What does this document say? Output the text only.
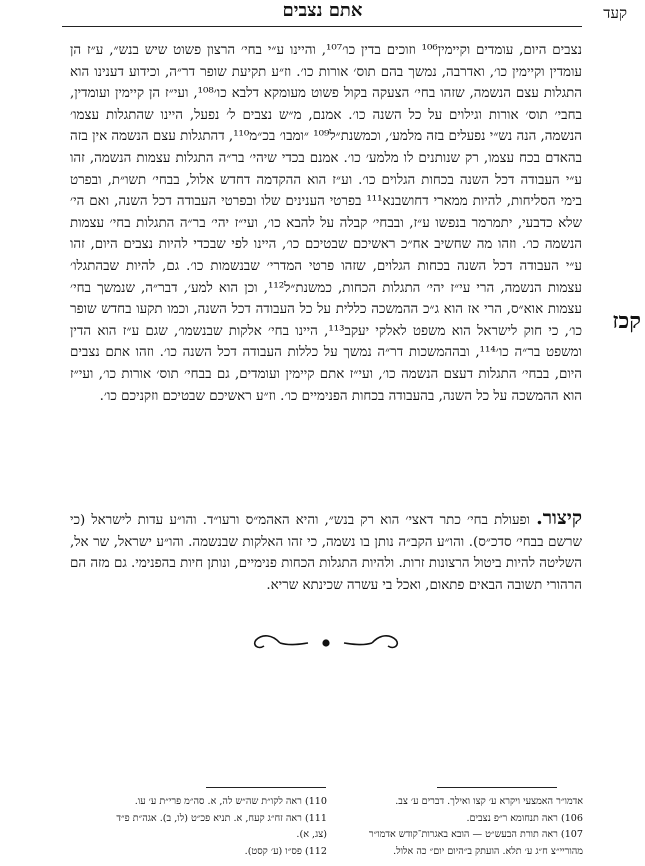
קעד
אתם נצבים
קכז

נצבים היום, עומדים וקיימין¹⁰⁶ וזוכים בדין כו׳¹⁰⁷, והיינו ע״י בחי׳ הרצון פשוט שיש בנש״, ע״ז הן עומדין וקיימין כו׳, ואדרבה, נמשך בהם תוס׳ אורות כו׳. וז״ע תקיעת שופר דר״ה, וכידוע דענינו הוא התגלות עצם הנשמה, שזהו בחי׳ הצעקה בקול פשוט מעומקא דלבא כו׳¹⁰⁸, ועי״ז הן קיימין ועומדין, בחבי׳ תוס׳ אורות וגילוים על כל השנה כו׳. אמנם, מ״ש נצבים ל׳ נפעל, היינו שהתגלות עצמו׳ הנשמה, הנה נש״י נפעלים בזה מלמע׳, וכמשנת״ל¹⁰⁹ ״ומבו׳ בכ״מ¹¹⁰, דהתגלות עצם הנשמה אין בזה בהאדם בכח עצמו, רק שנותנים לו מלמע׳ כו׳. אמנם בכדי שיהי׳ בר״ה התגלות עצמות הנשמה, זהו ע״י העבודה דכל השנה בכחות הגלוים כו׳. וע״ז הוא ההקדמה דחדש אלול, בבחי׳ תשו״ת, ובפרט בימי הסליחות, להיות ממארי דחושבנא¹¹¹ בפרטי הענינים שלו ובפרטי העבודה דכל השנה, ואם הי׳ שלא כדבעי, יתמרמר בנפשו ע״ז, ובבחי׳ קבלה על להבא כו׳, ועי״ז יהי׳ בר״ה התגלות בחי׳ עצמות הנשמה כו׳. וזהו מה שחשיב אח״כ ראשיכם שבטיכם כו׳, היינו לפי שבכדי להיות נצבים היום, זהו ע״י העבודה דכל השנה בכחות הגלוים, שזהו פרטי המדרי׳ שבנשמות כו׳. גם, להיות שבהתגלו׳ עצמות הנשמה, הרי עי״ז יהי׳ התגלות הכחות, כמשנת״ל¹¹², וכן הוא למע׳, דבר״ה, שנמשך בחי׳ עצמות אוא״ס, הרי אז הוא ג״כ ההמשכה כללית על כל העבודה דכל השנה, וכמו תקעו בחדש שופר כו׳, כי חוק לישראל הוא משפט לאלקי יעקב¹¹³, היינו בחי׳ אלקות שבנשמו׳, שגם ע״ז הוא הדין ומשפט בר״ה כו׳¹¹⁴, ובההמשכות דר״ה נמשך על כללות העבודה דכל השנה כו׳. וזהו אתם נצבים היום, בבחי׳ התגלות דעצם הנשמה כו׳, ועי״ז אתם קיימין ועומדים, גם בבחי׳ תוס׳ אורות כו׳, ועי״ז הוא ההמשכה על כל השנה, בהעבודה בכחות הפנימיים כו׳. וז״ע ראשיכם שבטיכם וזקניכם כו׳.

קיצור. ופעולת בחי׳ כתר דאצי׳ הוא רק בנש״, והיא האהמ״ס ורעו״ד. והו״ע עדות לישראל (כי שרשם בבחי׳ סדכ״ס). והו״ע הקב״ה נותן בו נשמה, כי זהו האלקות שבנשמה. והו״ע ישראל, שר אל, השליטה להיות ביטול הרצונות זרות. ולהיות התגלות הכחות פנימיים, ונותן חיות בהפנימי. גם מזה הם הרהורי תשובה הבאים פתאום, ואכל בי עשרה שכינתא שריא.
אדמו״ר האמצעי ויקרא ע׳ קצו ואילך. דברים ע׳ צב.
106) ראה תנחומא ר״פ נצבים.
107) ראה תורת הבעש״ט — הובא באגרות־קודש אדמו״ר
מהוריי״צ ח״ג ע׳ תלא. הועתק ב״היום יום״ כה אלול.
110) ראה לקו״ת שה״ש לה, א. סה״מ פרי״ת ע׳ עו.
111) ראה זח״ג קעח, א. תניא פכ״ט (לו, ב). אגה״ת פ״ד
(צג, א).
112) פס״ו (ע׳ קסט).
